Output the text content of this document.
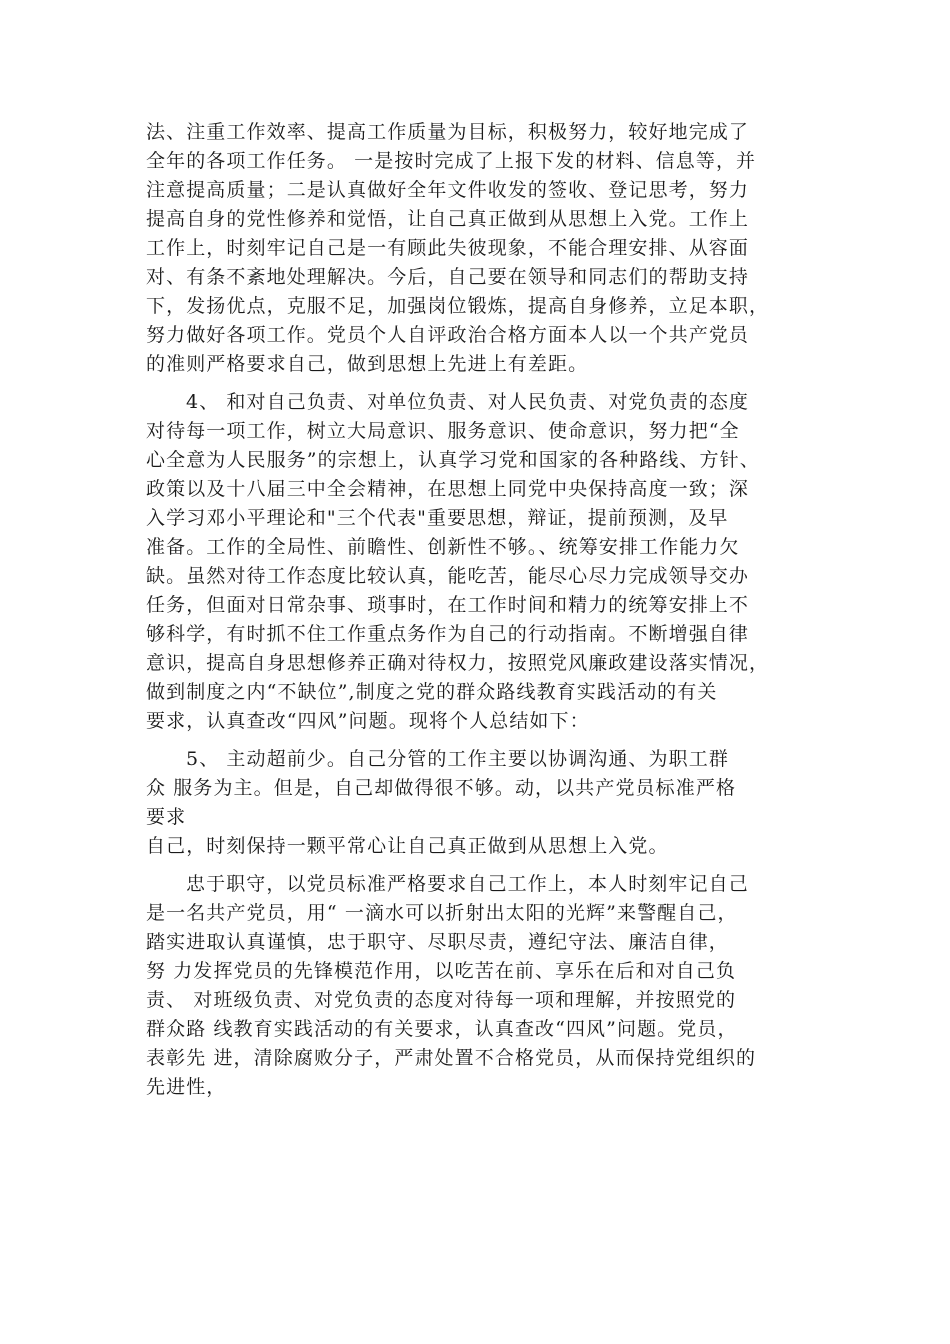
法、注重工作效率、提高工作质量为目标，积极努力，较好地完成了
全年的各项工作任务。 一是按时完成了上报下发的材料、信息等，并
注意提高质量；二是认真做好全年文件收发的签收、登记思考，努力
提高自身的党性修养和觉悟，让自己真正做到从思想上入党。工作上
工作上，时刻牢记自己是一有顾此失彼现象，不能合理安排、从容面
对、有条不紊地处理解决。今后，自己要在领导和同志们的帮助支持
下，发扬优点，克服不足，加强岗位锻炼，提高自身修养，立足本职，
努力做好各项工作。党员个人自评政治合格方面本人以一个共产党员
的准则严格要求自己，做到思想上先进上有差距。
4、 和对自己负责、对单位负责、对人民负责、对党负责的态度
对待每一项工作，树立大局意识、服务意识、使命意识，努力把“全
心全意为人民服务”的宗想上，认真学习党和国家的各种路线、方针、
政策以及十八届三中全会精神，在思想上同党中央保持高度一致；深
入学习邓小平理论和"三个代表"重要思想，辩证，提前预测，及早
准备。工作的全局性、前瞻性、创新性不够。、统筹安排工作能力欠
缺。虽然对待工作态度比较认真，能吃苦，能尽心尽力完成领导交办
任务，但面对日常杂事、琐事时，在工作时间和精力的统筹安排上不
够科学，有时抓不住工作重点务作为自己的行动指南。不断增强自律
意识，提高自身思想修养正确对待权力，按照党风廉政建设落实情况，
做到制度之内“不缺位”,制度之党的群众路线教育实践活动的有关
要求，认真查改“四风”问题。现将个人总结如下：
5、 主动超前少。自己分管的工作主要以协调沟通、为职工群
众 服务为主。但是，自己却做得很不够。动，以共产党员标准严格
要求
自己，时刻保持一颗平常心让自己真正做到从思想上入党。
忠于职守，以党员标准严格要求自己工作上，本人时刻牢记自己
是一名共产党员，用“ 一滴水可以折射出太阳的光辉”来警醒自己，
踏实进取认真谨慎，忠于职守、尽职尽责，遵纪守法、廉洁自律，
努 力发挥党员的先锋模范作用，以吃苦在前、享乐在后和对自己负
责、 对班级负责、对党负责的态度对待每一项和理解，并按照党的
群众路 线教育实践活动的有关要求，认真查改“四风”问题。党员，
表彰先 进，清除腐败分子，严肃处置不合格党员，从而保持党组织的
先进性，
